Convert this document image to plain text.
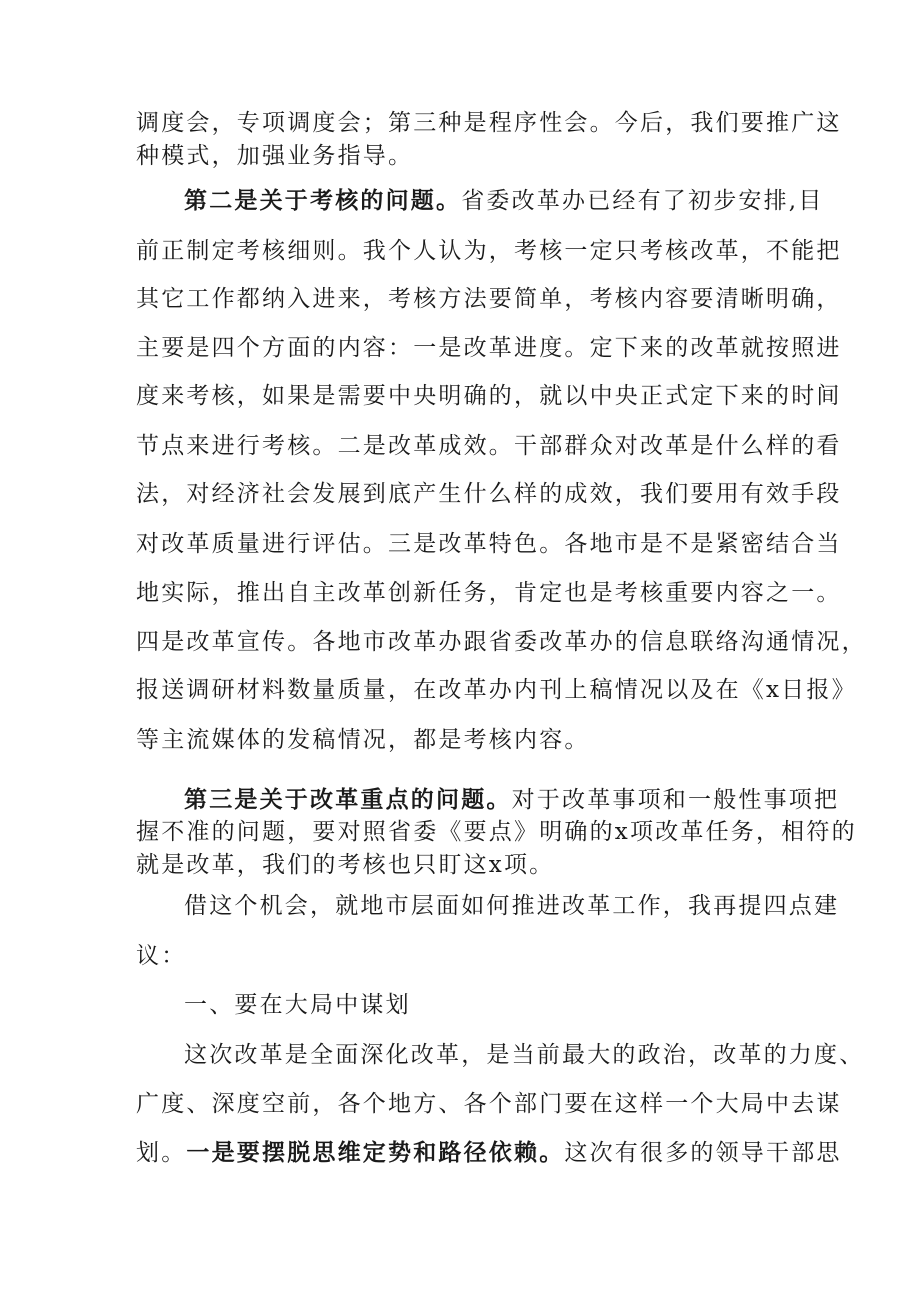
调度会，专项调度会；第三种是程序性会。今后，我们要推广这
种模式，加强业务指导。
第二是关于考核的问题。省委改革办已经有了初步安排,目
前正制定考核细则。我个人认为，考核一定只考核改革，不能把
其它工作都纳入进来，考核方法要简单，考核内容要清晰明确，
主要是四个方面的内容：一是改革进度。定下来的改革就按照进
度来考核，如果是需要中央明确的，就以中央正式定下来的时间
节点来进行考核。二是改革成效。干部群众对改革是什么样的看
法，对经济社会发展到底产生什么样的成效，我们要用有效手段
对改革质量进行评估。三是改革特色。各地市是不是紧密结合当
地实际，推出自主改革创新任务，肯定也是考核重要内容之一。
四是改革宣传。各地市改革办跟省委改革办的信息联络沟通情况，
报送调研材料数量质量，在改革办内刊上稿情况以及在《x日报》
等主流媒体的发稿情况，都是考核内容。
第三是关于改革重点的问题。对于改革事项和一般性事项把
握不准的问题，要对照省委《要点》明确的x项改革任务，相符的
就是改革，我们的考核也只盯这x项。
借这个机会，就地市层面如何推进改革工作，我再提四点建
议：
一、要在大局中谋划
这次改革是全面深化改革，是当前最大的政治，改革的力度、
广度、深度空前，各个地方、各个部门要在这样一个大局中去谋
划。一是要摆脱思维定势和路径依赖。这次有很多的领导干部思
